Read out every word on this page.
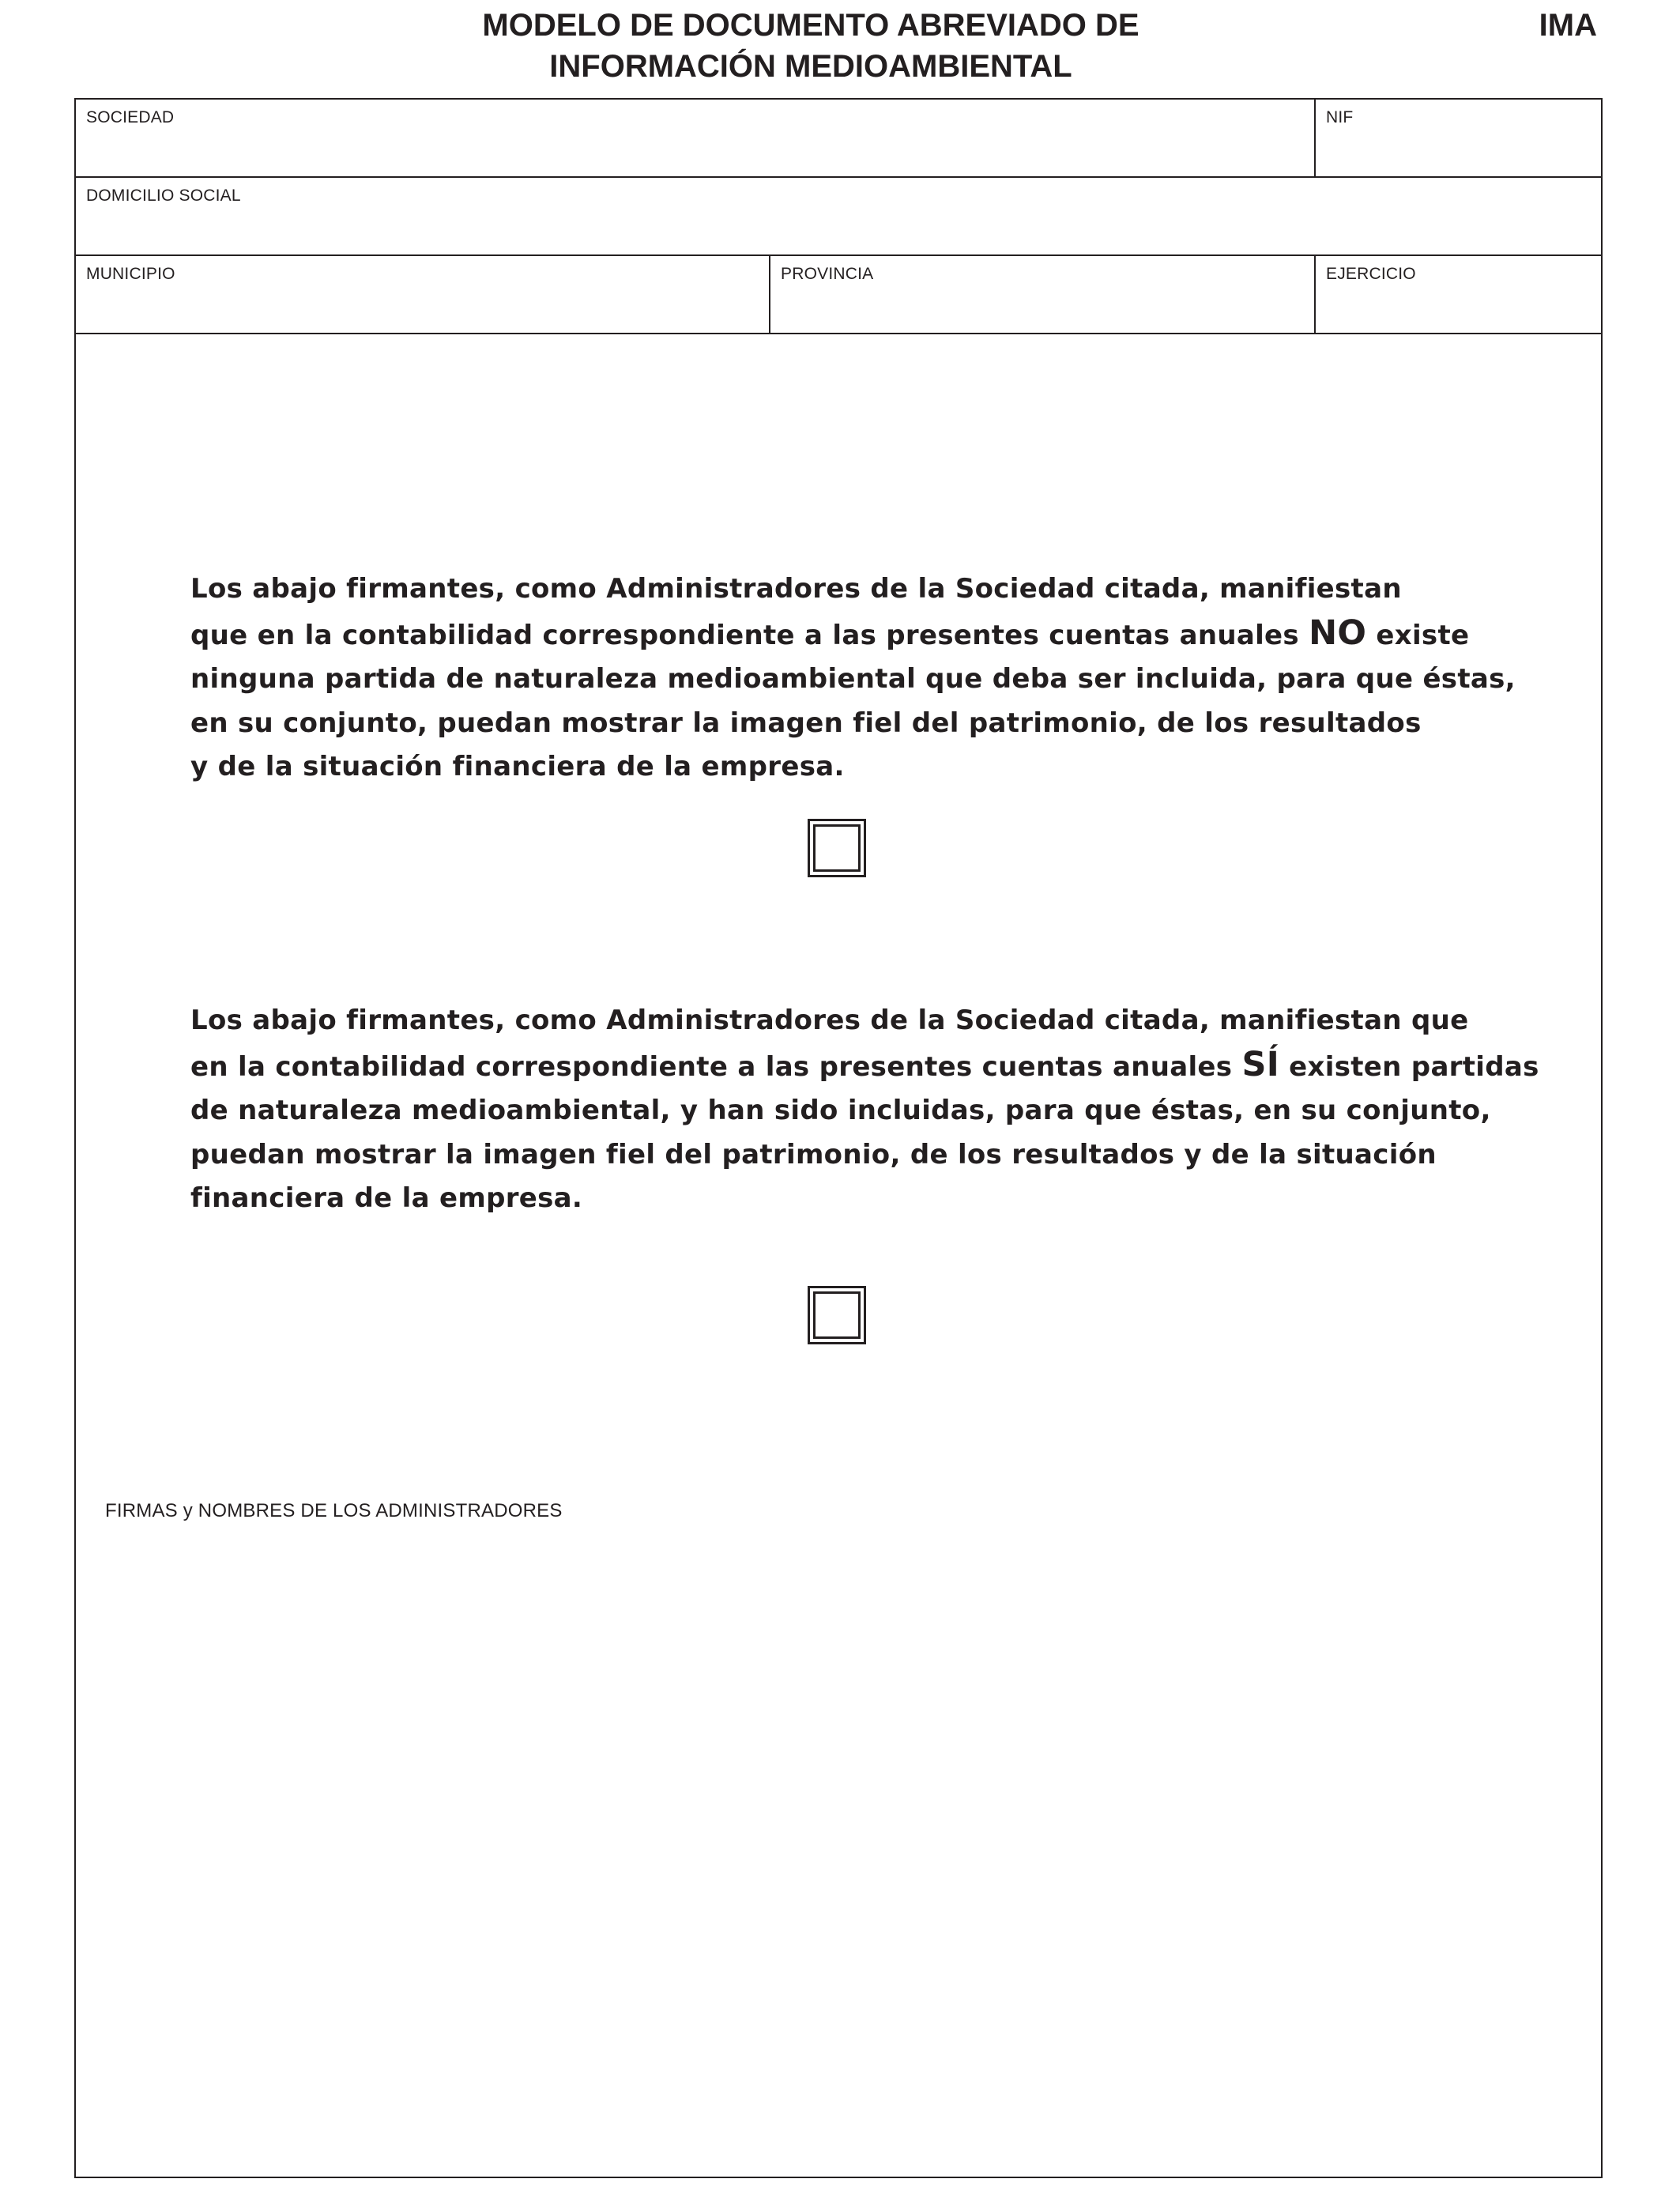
MODELO DE DOCUMENTO ABREVIADO DE
INFORMACIÓN MEDIOAMBIENTAL
IMA
SOCIEDAD	NIF
DOMICILIO SOCIAL
MUNICIPIO	PROVINCIA	EJERCICIO

Los abajo firmantes, como Administradores de la Sociedad citada, manifiestan
que en la contabilidad correspondiente a las presentes cuentas anuales NO existe
ninguna partida de naturaleza medioambiental que deba ser incluida, para que éstas,
en su conjunto, puedan mostrar la imagen fiel del patrimonio, de los resultados
y de la situación financiera de la empresa.

Los abajo firmantes, como Administradores de la Sociedad citada, manifiestan que
en la contabilidad correspondiente a las presentes cuentas anuales SÍ existen partidas
de naturaleza medioambiental, y han sido incluidas, para que éstas, en su conjunto,
puedan mostrar la imagen fiel del patrimonio, de los resultados y de la situación
financiera de la empresa.

FIRMAS y NOMBRES DE LOS ADMINISTRADORES
